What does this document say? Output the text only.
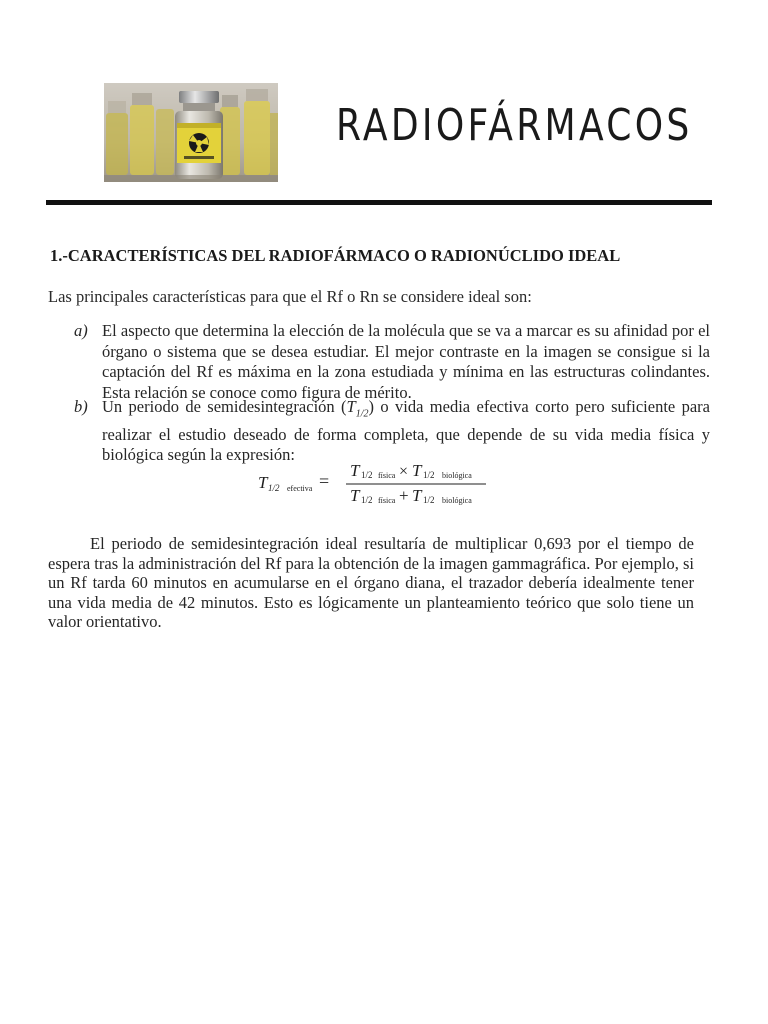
RADIOFÁRMACOS
1.-CARACTERÍSTICAS DEL RADIOFÁRMACO O RADIONÚCLIDO IDEAL
Las principales características para que el Rf o Rn se considere ideal son:
a) El aspecto que determina la elección de la molécula que se va a marcar es su afinidad por el órgano o sistema que se desea estudiar. El mejor contraste en la imagen se consigue si la captación del Rf es máxima en la zona estudiada y mínima en las estructuras colindantes. Esta relación se conoce como figura de mérito.
b) Un periodo de semidesintegración $(T_{1/2})$ o vida media efectiva corto pero suficiente para realizar el estudio deseado de forma completa, que depende de su vida media física y biológica según la expresión:
T 1/2 efectiva =
T 1/2 física × T 1/2 biológica
T 1/2 física + T 1/2 biológica
El periodo de semidesintegración ideal resultaría de multiplicar 0,693 por el tiempo de espera tras la administración del Rf para la obtención de la imagen gammagráfica. Por ejemplo, si un Rf tarda 60 minutos en acumularse en el órgano diana, el trazador debería idealmente tener una vida media de 42 minutos. Esto es lógicamente un planteamiento teórico que solo tiene un valor orientativo.
